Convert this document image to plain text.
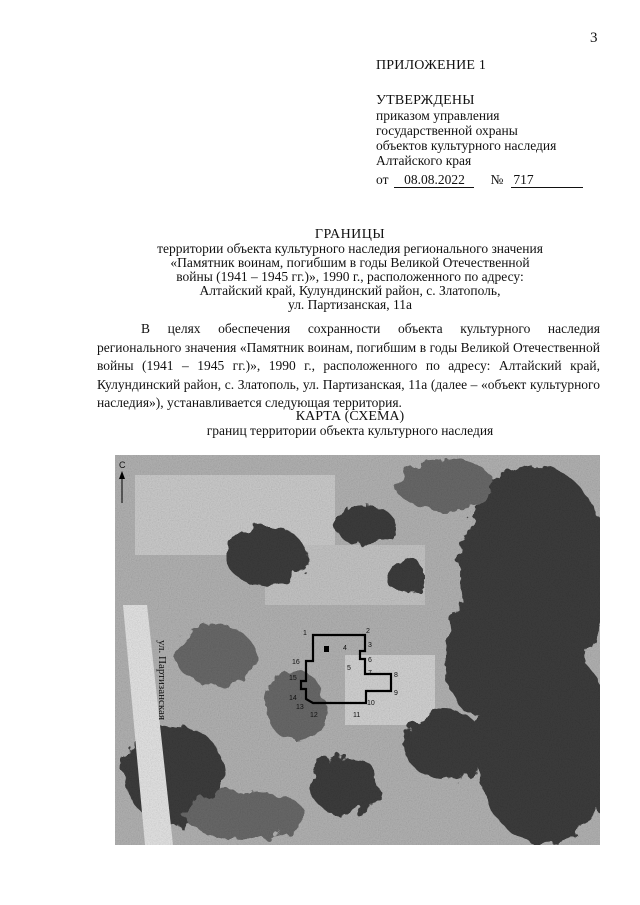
3
ПРИЛОЖЕНИЕ 1
УТВЕРЖДЕНЫ
приказом управления
государственной охраны
объектов культурного наследия
Алтайского края
от	08.08.2022	№ 717
ГРАНИЦЫ
территории объекта культурного наследия регионального значения
«Памятник воинам, погибшим в годы Великой Отечественной
войны (1941 – 1945 гг.)», 1990 г., расположенного по адресу:
Алтайский край, Кулундинский район, с. Златополь,
ул. Партизанская, 11а
В целях обеспечения сохранности объекта культурного наследия регионального значения «Памятник воинам, погибшим в годы Великой Отечественной войны (1941 – 1945 гг.)», 1990 г., расположенного по адресу: Алтайский край, Кулундинский район, с. Златополь, ул. Партизанская, 11а (далее – «объект культурного наследия»), устанавливается следующая территория.
КАРТА (СХЕМА)
границ территории объекта культурного наследия
С
ул. Партизанская
1	2
3
4
5
6
7	8
9
10
11
12
13
14
15
16
